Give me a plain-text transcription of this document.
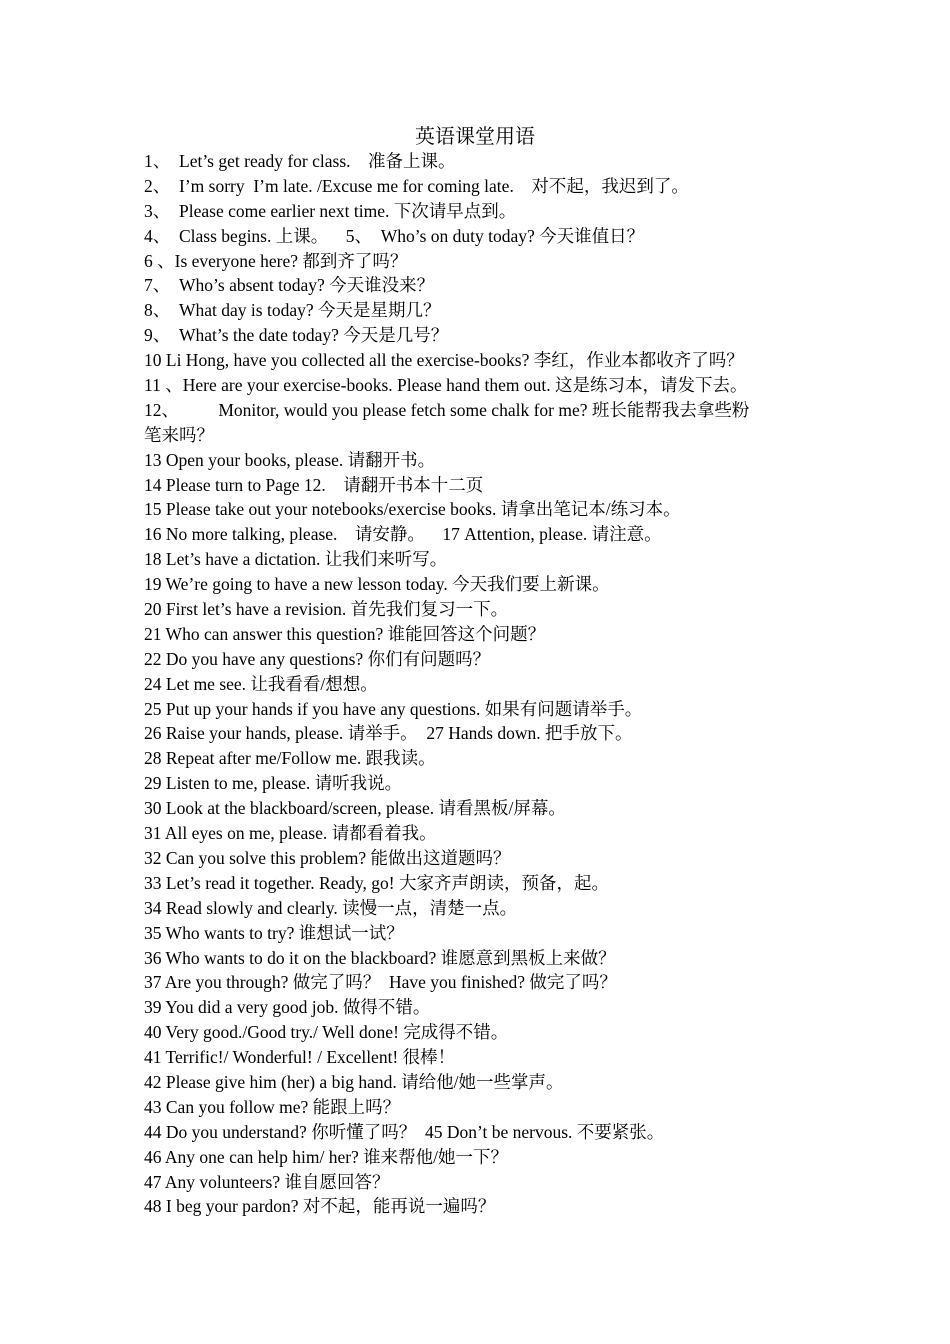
英语课堂用语
1、  Let’s get ready for class.    准备上课。
2、  I’m sorry  I’m late. /Excuse me for coming late.    对不起，我迟到了。
3、  Please come earlier next time. 下次请早点到。
4、  Class begins. 上课。    5、  Who’s on duty today? 今天谁值日？
6 、Is everyone here? 都到齐了吗？
7、  Who’s absent today? 今天谁没来？
8、  What day is today? 今天是星期几？
9、  What’s the date today? 今天是几号？
10 Li Hong, have you collected all the exercise-books? 李红，作业本都收齐了吗？
11 、Here are your exercise-books. Please hand them out. 这是练习本，请发下去。
12、         Monitor, would you please fetch some chalk for me? 班长能帮我去拿些粉
笔来吗？
13 Open your books, please. 请翻开书。
14 Please turn to Page 12.    请翻开书本十二页
15 Please take out your notebooks/exercise books. 请拿出笔记本/练习本。
16 No more talking, please.    请安静。    17 Attention, please. 请注意。
18 Let’s have a dictation. 让我们来听写。
19 We’re going to have a new lesson today. 今天我们要上新课。
20 First let’s have a revision. 首先我们复习一下。
21 Who can answer this question? 谁能回答这个问题？
22 Do you have any questions? 你们有问题吗？
24 Let me see. 让我看看/想想。
25 Put up your hands if you have any questions. 如果有问题请举手。
26 Raise your hands, please. 请举手。  27 Hands down. 把手放下。
28 Repeat after me/Follow me. 跟我读。
29 Listen to me, please. 请听我说。
30 Look at the blackboard/screen, please. 请看黑板/屏幕。
31 All eyes on me, please. 请都看着我。
32 Can you solve this problem? 能做出这道题吗？
33 Let’s read it together. Ready, go! 大家齐声朗读，预备，起。
34 Read slowly and clearly. 读慢一点，清楚一点。
35 Who wants to try? 谁想试一试？
36 Who wants to do it on the blackboard? 谁愿意到黑板上来做？
37 Are you through? 做完了吗？  Have you finished? 做完了吗？
39 You did a very good job. 做得不错。
40 Very good./Good try./ Well done! 完成得不错。
41 Terrific!/ Wonderful! / Excellent! 很棒！
42 Please give him (her) a big hand. 请给他/她一些掌声。
43 Can you follow me? 能跟上吗？
44 Do you understand? 你听懂了吗？  45 Don’t be nervous. 不要紧张。
46 Any one can help him/ her? 谁来帮他/她一下？
47 Any volunteers? 谁自愿回答？
48 I beg your pardon? 对不起，能再说一遍吗？
